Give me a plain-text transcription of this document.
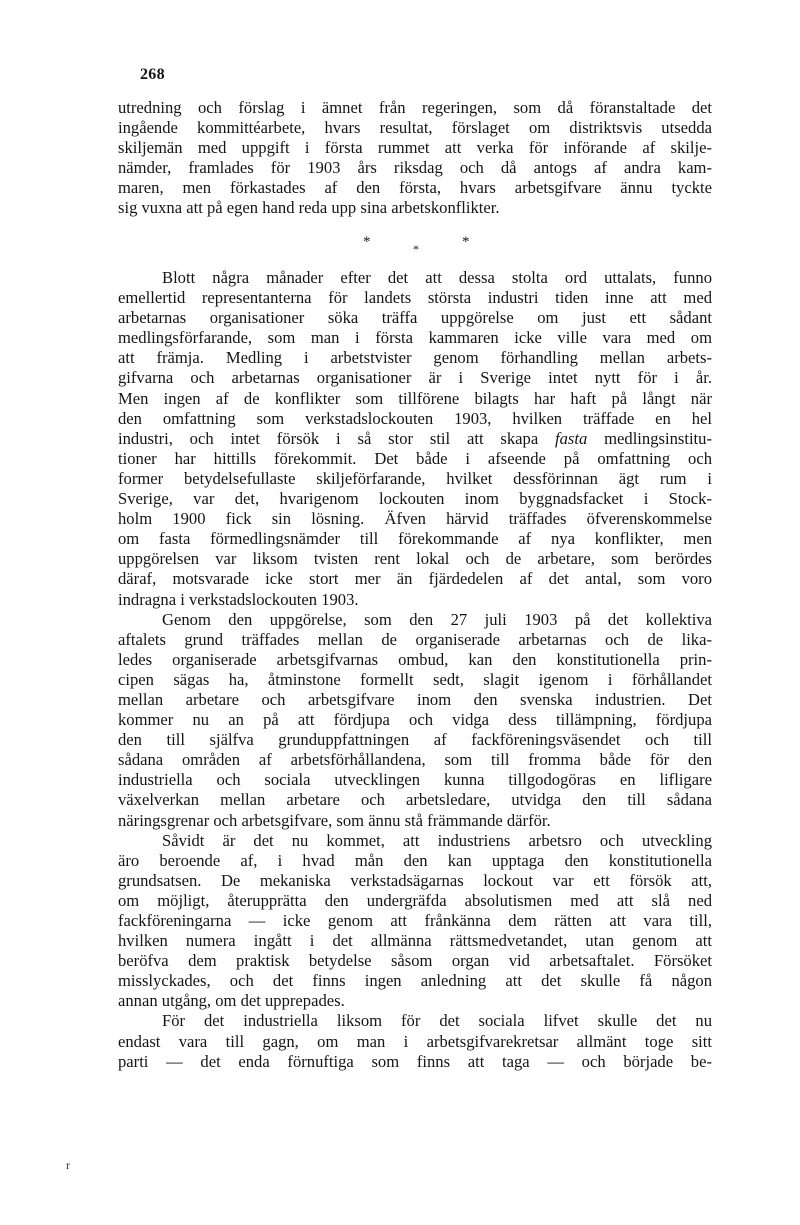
268
utredning och förslag i ämnet från regeringen, som då föranstaltade det
ingående kommittéarbete, hvars resultat, förslaget om distriktsvis utsedda
skiljemän med uppgift i första rummet att verka för införande af skilje-
nämder, framlades för 1903 års riksdag och då antogs af andra kam-
maren, men förkastades af den första, hvars arbetsgifvare ännu tyckte
sig vuxna att på egen hand reda upp sina arbetskonflikter.
*	*	*
Blott några månader efter det att dessa stolta ord uttalats, funno
emellertid representanterna för landets största industri tiden inne att med
arbetarnas organisationer söka träffa uppgörelse om just ett sådant
medlingsförfarande, som man i första kammaren icke ville vara med om
att främja. Medling i arbetstvister genom förhandling mellan arbets-
gifvarna och arbetarnas organisationer är i Sverige intet nytt för i år.
Men ingen af de konflikter som tillförene bilagts har haft på långt när
den omfattning som verkstadslockouten 1903, hvilken träffade en hel
industri, och intet försök i så stor stil att skapa fasta medlingsinstitu-
tioner har hittills förekommit. Det både i afseende på omfattning och
former betydelsefullaste skiljeförfarande, hvilket dessförinnan ägt rum i
Sverige, var det, hvarigenom lockouten inom byggnadsfacket i Stock-
holm 1900 fick sin lösning. Äfven härvid träffades öfverenskommelse
om fasta förmedlingsnämder till förekommande af nya konflikter, men
uppgörelsen var liksom tvisten rent lokal och de arbetare, som berördes
däraf, motsvarade icke stort mer än fjärdedelen af det antal, som voro
indragna i verkstadslockouten 1903.
Genom den uppgörelse, som den 27 juli 1903 på det kollektiva
aftalets grund träffades mellan de organiserade arbetarnas och de lika-
ledes organiserade arbetsgifvarnas ombud, kan den konstitutionella prin-
cipen sägas ha, åtminstone formellt sedt, slagit igenom i förhållandet
mellan arbetare och arbetsgifvare inom den svenska industrien. Det
kommer nu an på att fördjupa och vidga dess tillämpning, fördjupa
den till själfva grunduppfattningen af fackföreningsväsendet och till
sådana områden af arbetsförhållandena, som till fromma både för den
industriella och sociala utvecklingen kunna tillgodogöras en lifligare
växelverkan mellan arbetare och arbetsledare, utvidga den till sådana
näringsgrenar och arbetsgifvare, som ännu stå främmande därför.
Såvidt är det nu kommet, att industriens arbetsro och utveckling
äro beroende af, i hvad mån den kan upptaga den konstitutionella
grundsatsen. De mekaniska verkstadsägarnas lockout var ett försök att,
om möjligt, återupprätta den undergräfda absolutismen med att slå ned
fackföreningarna — icke genom att frånkänna dem rätten att vara till,
hvilken numera ingått i det allmänna rättsmedvetandet, utan genom att
beröfva dem praktisk betydelse såsom organ vid arbetsaftalet. Försöket
misslyckades, och det finns ingen anledning att det skulle få någon
annan utgång, om det upprepades.
För det industriella liksom för det sociala lifvet skulle det nu
endast vara till gagn, om man i arbetsgifvarekretsar allmänt toge sitt
parti — det enda förnuftiga som finns att taga — och började be-
r
